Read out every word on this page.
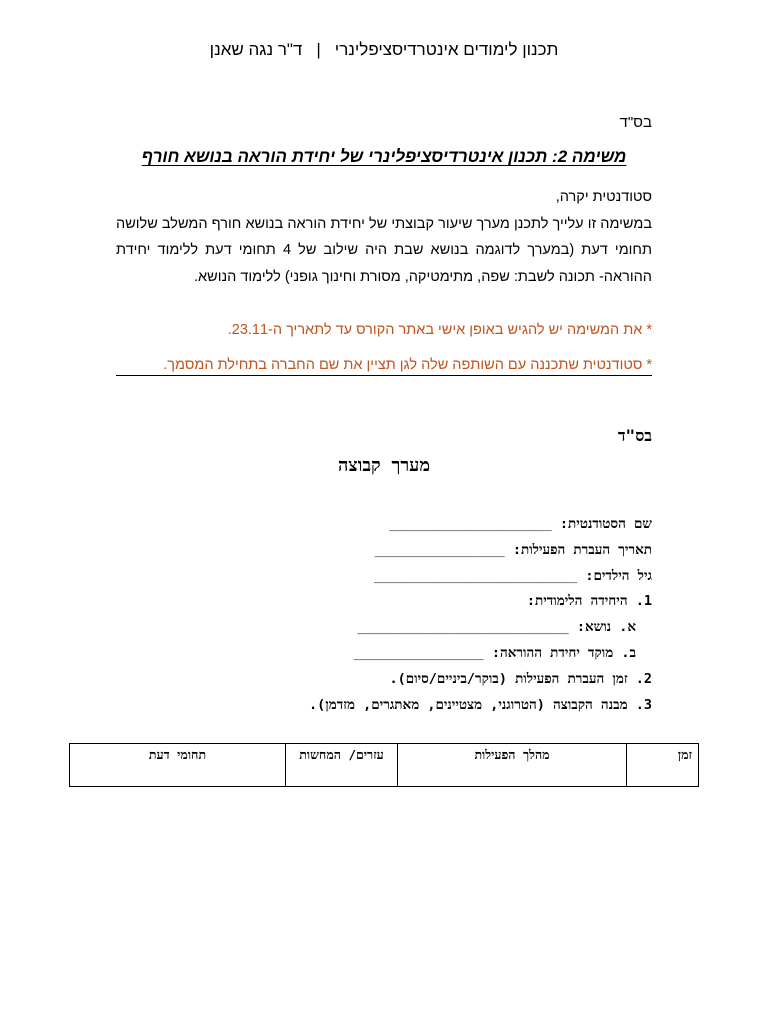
תכנון לימודים אינטרדיסציפלינרי|ד"ר נגה שאנן
בס"ד
משימה 2: תכנון אינטרדיסציפלינרי של יחידת הוראה בנושא חורף

סטודנטית יקרה,

במשימה זו עלייך לתכנן מערך שיעור קבוצתי של יחידת הוראה בנושא חורף המשלב שלושה תחומי דעת (במערך לדוגמה בנושא שבת היה שילוב של 4 תחומי דעת ללימוד יחידת ההוראה- תכונה לשבת: שפה, מתימטיקה, מסורת וחינוך גופני) ללימוד הנושא.

* את המשימה יש להגיש באופן אישי באתר הקורס עד לתאריך ה-23.11.
* סטודנטית שתכננה עם השותפה שלה לגן תציין את שם החברה בתחילת המסמך.
בס"ד
מערך קבוצה
שם הסטודנטית: ____________________
תאריך העברת הפעילות: ________________
גיל הילדים: _________________________
1. היחידה הלימודית:
א. נושא: __________________________
ב. מוקד יחידת ההוראה: ________________
2. זמן העברת הפעילות (בוקר/ביניים/סיום).
3. מבנה הקבוצה (הטרוגני, מצטיינים, מאתגרים, מזדמן).
זמן	מהלך הפעילות	עזרים/ המחשות	תחומי דעת
